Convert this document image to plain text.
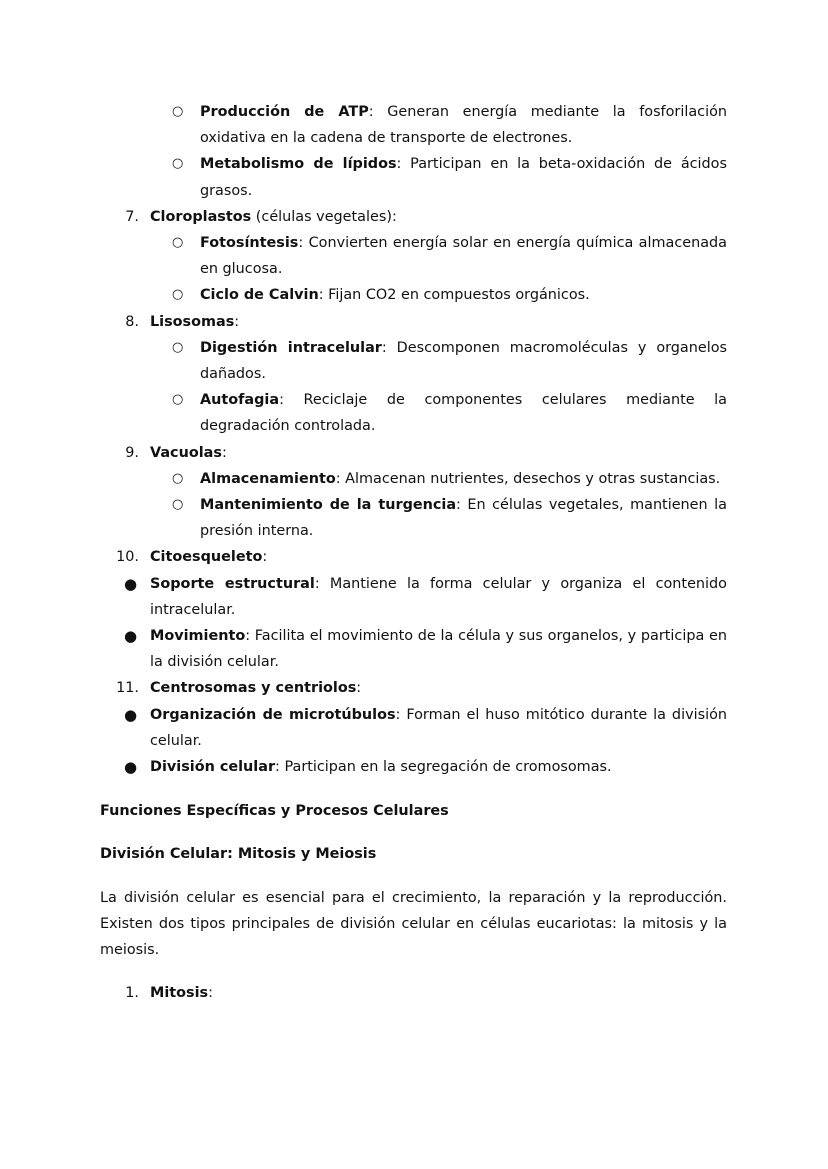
○ Producción de ATP: Generan energía mediante la fosforilación oxidativa en la cadena de transporte de electrones.
○ Metabolismo de lípidos: Participan en la beta-oxidación de ácidos grasos.
7. Cloroplastos (células vegetales):
○ Fotosíntesis: Convierten energía solar en energía química almacenada en glucosa.
○ Ciclo de Calvin: Fijan CO2 en compuestos orgánicos.
8. Lisosomas:
○ Digestión intracelular: Descomponen macromoléculas y organelos dañados.
○ Autofagia: Reciclaje de componentes celulares mediante la degradación controlada.
9. Vacuolas:
○ Almacenamiento: Almacenan nutrientes, desechos y otras sustancias.
○ Mantenimiento de la turgencia: En células vegetales, mantienen la presión interna.
10. Citoesqueleto:
● Soporte estructural: Mantiene la forma celular y organiza el contenido intracelular.
● Movimiento: Facilita el movimiento de la célula y sus organelos, y participa en la división celular.
11. Centrosomas y centriolos:
● Organización de microtúbulos: Forman el huso mitótico durante la división celular.
● División celular: Participan en la segregación de cromosomas.
Funciones Específicas y Procesos Celulares
División Celular: Mitosis y Meiosis
La división celular es esencial para el crecimiento, la reparación y la reproducción. Existen dos tipos principales de división celular en células eucariotas: la mitosis y la meiosis.
1. Mitosis:
